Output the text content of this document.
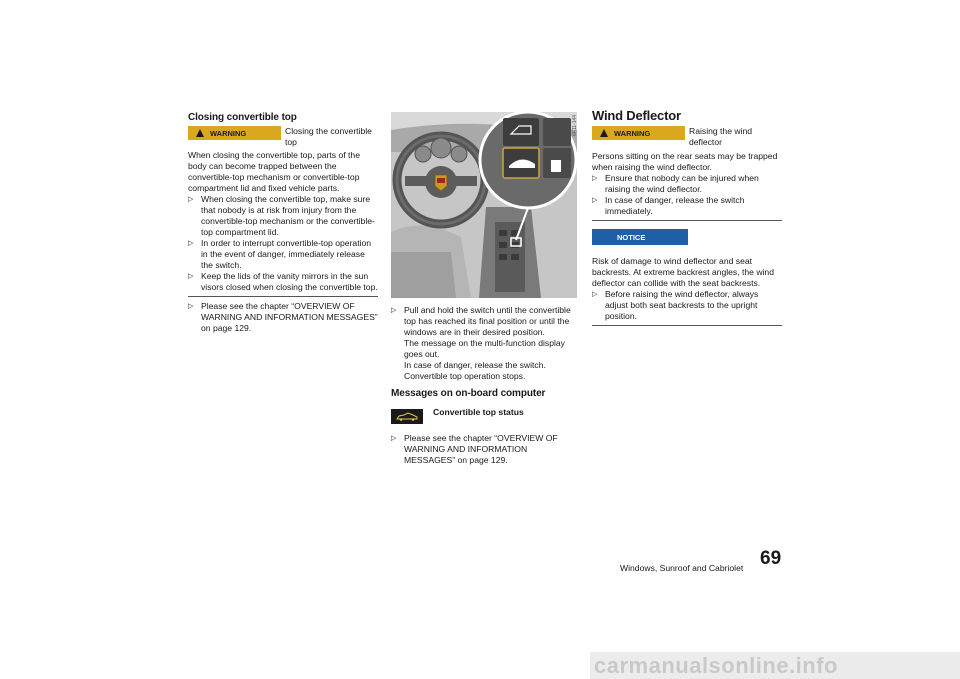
Closing convertible top
WARNING	Closing the convertible top

When closing the convertible top, parts of the body can become trapped between the convertible-top mechanism or convertible-top compartment lid and fixed vehicle parts.

▷ When closing the convertible top, make sure that nobody is at risk from injury from the convertible-top mechanism or the convertible-top compartment lid.
▷ In order to interrupt convertible-top operation in the event of danger, immediately release the switch.
▷ Keep the lids of the vanity mirrors in the sun visors closed when closing the convertible top.
▷ Please see the chapter “OVERVIEW OF WARNING AND INFORMATION MESSAGES” on page 129.
6F11-144
▷ Pull and hold the switch until the convertible top has reached its final position or until the windows are in their desired position.
The message on the multi-function display goes out.
In case of danger, release the switch.
Convertible top operation stops.
Messages on on-board computer
Convertible top status
▷ Please see the chapter “OVERVIEW OF WARNING AND INFORMATION MESSAGES” on page 129.
Wind Deflector
WARNING	Raising the wind deflector

Persons sitting on the rear seats may be trapped when raising the wind deflector.

▷ Ensure that nobody can be injured when raising the wind deflector.
▷ In case of danger, release the switch immediately.
NOTICE

Risk of damage to wind deflector and seat backrests. At extreme backrest angles, the wind deflector can collide with the seat backrests.

▷ Before raising the wind deflector, always adjust both seat backrests to the upright position.
Windows, Sunroof and Cabriolet 69
carmanualsonline.info
